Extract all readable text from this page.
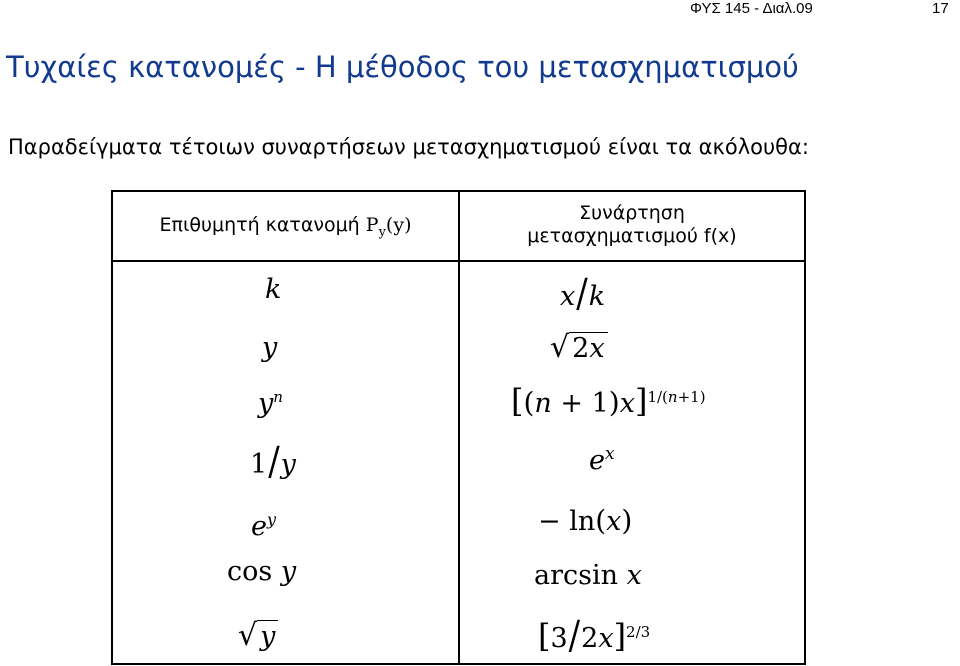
ΦΥΣ 145 - Διαλ.09	17
Τυχαίες κατανομές - Η μέθοδος του μετασχηματισμού
Παραδείγματα τέτοιων συναρτήσεων μετασχηματισμού είναι τα ακόλουθα:
Επιθυμητή κατανομή $P_y(y)$
Συνάρτηση
μετασχηματισμού f(x)
k
y
$y^n$
1/y
$e^y$
cos y
√ y
x/k
√ 2x
$[(n + 1)x]^{1/(n+1)}$
$e^x$
− ln(x)
arcsin x
$[3/2x]^{2/3}$
